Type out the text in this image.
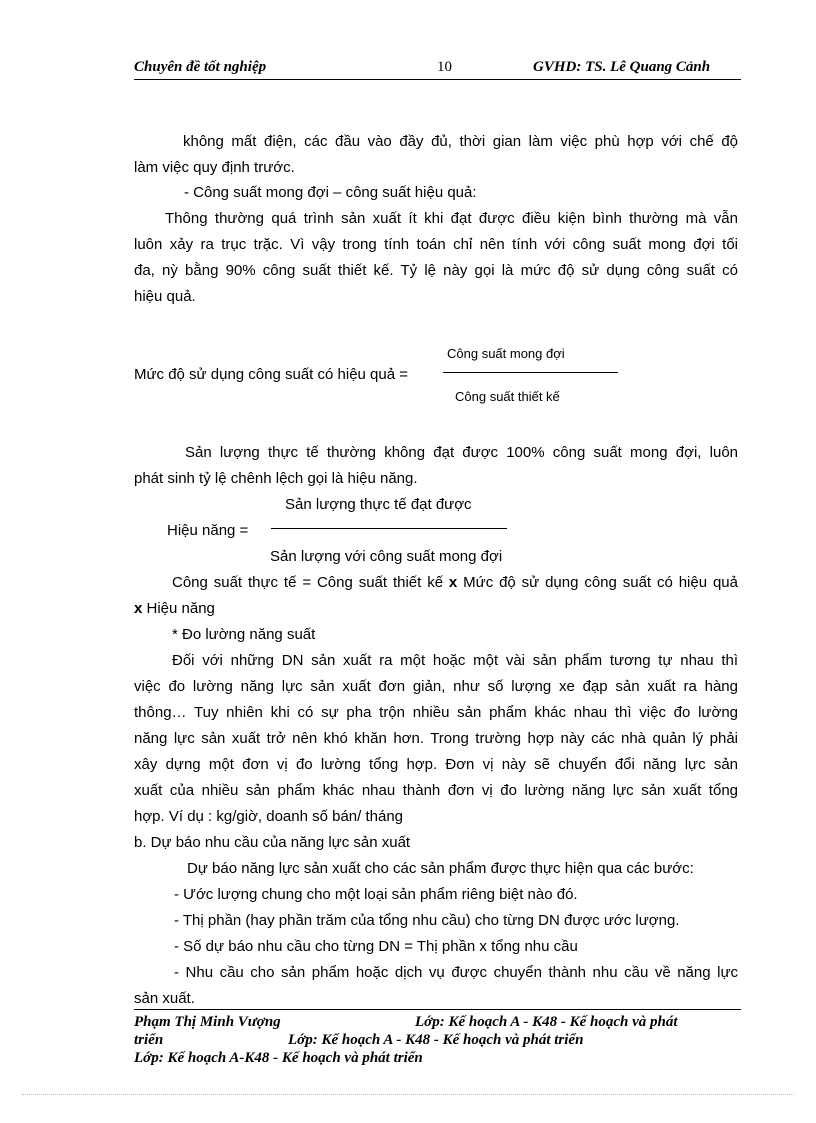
Chuyên đề tốt nghiệp	10	GVHD: TS. Lê Quang Cảnh
không mất điện, các đầu vào đầy đủ, thời gian làm việc phù hợp với chế độ
làm việc quy định trước.
- Công suất mong đợi – công suất hiệu quả:
Thông thường quá trình sản xuất ít khi đạt được điều kiện bình thường mà vẫn
luôn xảy ra trục trặc. Vì vậy trong tính toán chỉ nên tính với công suất mong đợi tối
đa, nỳ bằng 90% công suất thiết kế. Tỷ lệ này gọi là mức độ sử dụng công suất có
hiệu quả.
Mức độ sử dụng công suất có hiệu quả =
Công suất mong đợi
Công suất thiết kế
Sản lượng thực tế thường không đạt được 100% công suất mong đợi, luôn
phát sinh tỷ lệ chênh lệch gọi là hiệu năng.
Sản lượng thực tế đạt được
Hiệu năng =
Sản lượng với công suất mong đợi
Công suất thực tế = Công suất thiết kế x Mức độ sử dụng công suất có hiệu quả
x Hiệu năng
* Đo lường năng suất
Đối với những DN sản xuất ra một hoặc một vài sản phẩm tương tự nhau thì
việc đo lường năng lực sản xuất đơn giản, như số lượng xe đạp sản xuất ra hàng
thông… Tuy nhiên khi có sự pha trộn nhiều sản phẩm khác nhau thì việc đo lường
năng lực sản xuất trở nên khó khăn hơn. Trong trường hợp này các nhà quản lý phải
xây dựng một đơn vị đo lường tổng hợp. Đơn vị này sẽ chuyển đổi năng lực sản
xuất của nhiều sản phẩm khác nhau thành đơn vị đo lường năng lực sản xuất tổng
hợp. Ví dụ : kg/giờ, doanh số bán/ tháng
b. Dự báo nhu cầu của năng lực sản xuất
Dự báo năng lực sản xuất cho các sản phẩm được thực hiện qua các bước:
- Ước lượng chung cho một loại sản phẩm riêng biệt nào đó.
- Thị phần (hay phần trăm của tổng nhu cầu) cho từng DN được ước lượng.
- Số dự báo nhu cầu cho từng DN = Thị phần x tổng nhu cầu
- Nhu cầu cho sản phẩm hoặc dịch vụ được chuyển thành nhu cầu về năng lực
sản xuất.
Phạm Thị Minh Vượng	Lớp: Kế hoạch A - K48 - Kế hoạch và phát
triển	Lớp: Kế hoạch A - K48 - Kế hoạch và phát triển
Lớp: Kế hoạch A-K48 - Kế hoạch và phát triển
